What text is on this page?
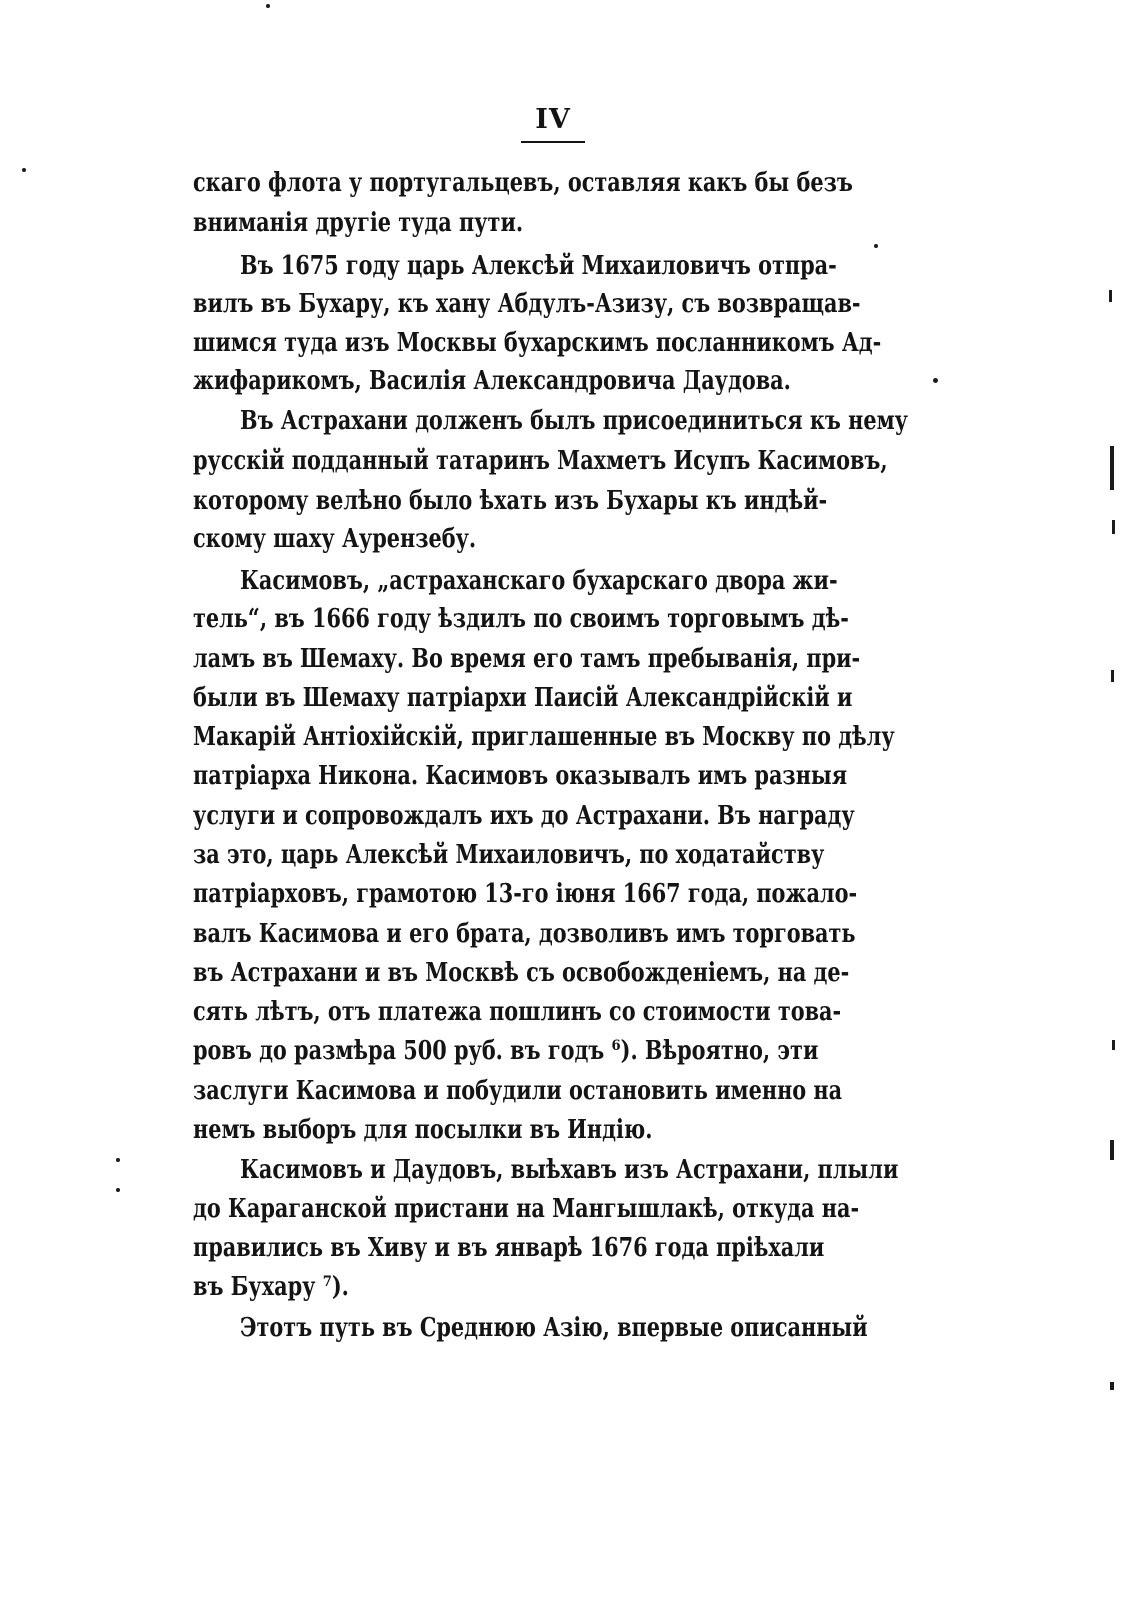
IV
скаго флота у португальцевъ, оставляя какъ бы безъ
вниманія другіе туда пути.
Въ 1675 году царь Алексѣй Михаиловичъ отпра-
вилъ въ Бухару, къ хану Абдулъ-Азизу, съ возвращав-
шимся туда изъ Москвы бухарскимъ посланникомъ Ад-
жифарикомъ, Василія Александровича Даудова.
Въ Астрахани долженъ былъ присоединиться къ нему
русскій подданный татаринъ Махметъ Исупъ Касимовъ,
которому велѣно было ѣхать изъ Бухары къ индѣй-
скому шаху Аурензебу.
Касимовъ, „астраханскаго бухарскаго двора жи-
тель“, въ 1666 году ѣздилъ по своимъ торговымъ дѣ-
ламъ въ Шемаху. Во время его тамъ пребыванія, при-
были въ Шемаху патріархи Паисій Александрійскій и
Макарій Антіохійскій, приглашенные въ Москву по дѣлу
патріарха Никона. Касимовъ оказывалъ имъ разныя
услуги и сопровождалъ ихъ до Астрахани. Въ награду
за это, царь Алексѣй Михаиловичъ, по ходатайству
патріарховъ, грамотою 13-го іюня 1667 года, пожало-
валъ Касимова и его брата, дозволивъ имъ торговать
въ Астрахани и въ Москвѣ съ освобожденіемъ, на де-
сять лѣтъ, отъ платежа пошлинъ со стоимости това-
ровъ до размѣра 500 руб. въ годъ ⁶). Вѣроятно, эти
заслуги Касимова и побудили остановить именно на
немъ выборъ для посылки въ Индію.
Касимовъ и Даудовъ, выѣхавъ изъ Астрахани, плыли
до Караганской пристани на Мангышлакѣ, откуда на-
правились въ Хиву и въ январѣ 1676 года пріѣхали
въ Бухару ⁷).
Этотъ путь въ Среднюю Азію, впервые описанный
